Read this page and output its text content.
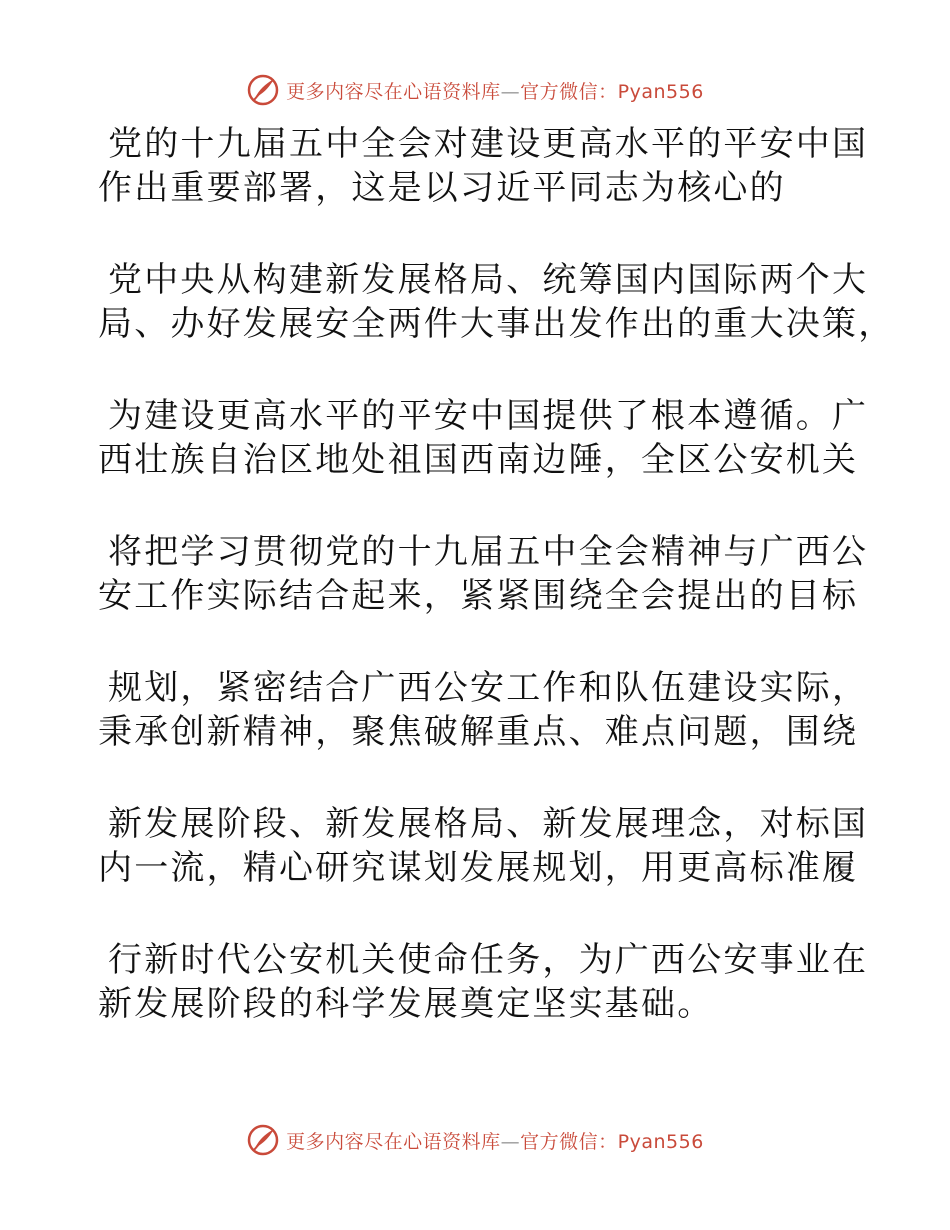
更多内容尽在心语资料库—官方微信：Pyan556
党的十九届五中全会对建设更高水平的平安中国
作出重要部署，这是以习近平同志为核心的
党中央从构建新发展格局、统筹国内国际两个大
局、办好发展安全两件大事出发作出的重大决策，
为建设更高水平的平安中国提供了根本遵循。广
西壮族自治区地处祖国西南边陲，全区公安机关
将把学习贯彻党的十九届五中全会精神与广西公
安工作实际结合起来，紧紧围绕全会提出的目标
规划，紧密结合广西公安工作和队伍建设实际，
秉承创新精神，聚焦破解重点、难点问题，围绕
新发展阶段、新发展格局、新发展理念，对标国
内一流，精心研究谋划发展规划，用更高标准履
行新时代公安机关使命任务，为广西公安事业在
新发展阶段的科学发展奠定坚实基础。
更多内容尽在心语资料库—官方微信：Pyan556
